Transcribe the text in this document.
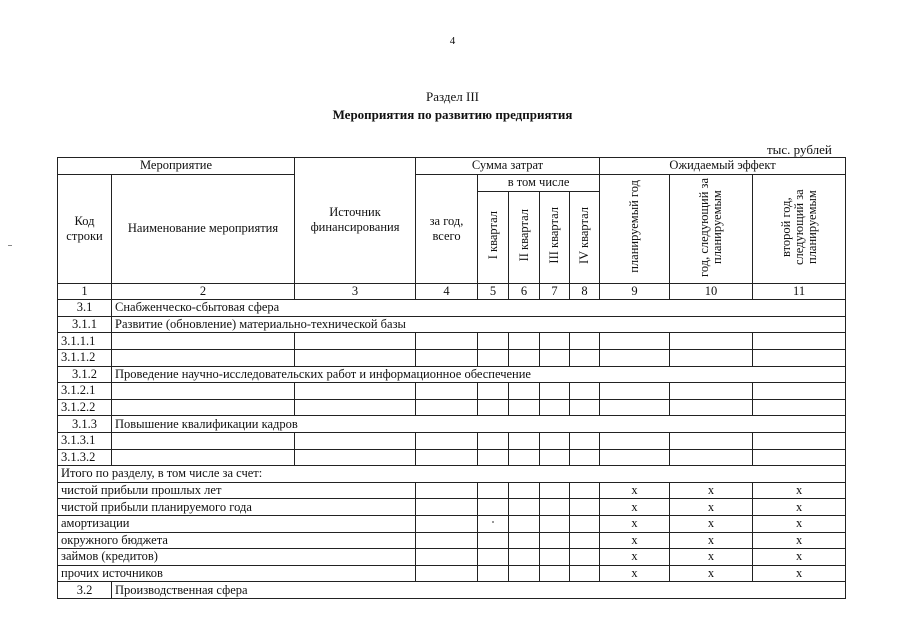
4
Раздел III
Мероприятия по развитию предприятия
тыс. рублей
Мероприятие		Источник финансирования	Сумма затрат					Ожидаемый эффект		
Код строки	Наименование мероприятия		за год, всего	в том числе				планируемый год	год, следующий за планируемым	второй год, следующий за планируемым
				I квартал	II квартал	III квартал	IV квартал			
1	2	3	4	5	6	7	8	9	10	11
3.1	Снабженческо-сбытовая сфера									
3.1.1	Развитие (обновление) материально-технической базы									
3.1.1.1										
3.1.1.2										
3.1.2	Проведение научно-исследовательских работ и информационное обеспечение									
3.1.2.1										
3.1.2.2										
3.1.3	Повышение квалификации кадров									
3.1.3.1										
3.1.3.2										
Итого по разделу, в том числе за счет:										
чистой прибыли прошлых лет								x	x	x
чистой прибыли планируемого года								x	x	x
амортизации								x	x	x
окружного бюджета								x	x	x
займов (кредитов)								x	x	x
прочих источников								x	x	x
3.2	Производственная сфера									
